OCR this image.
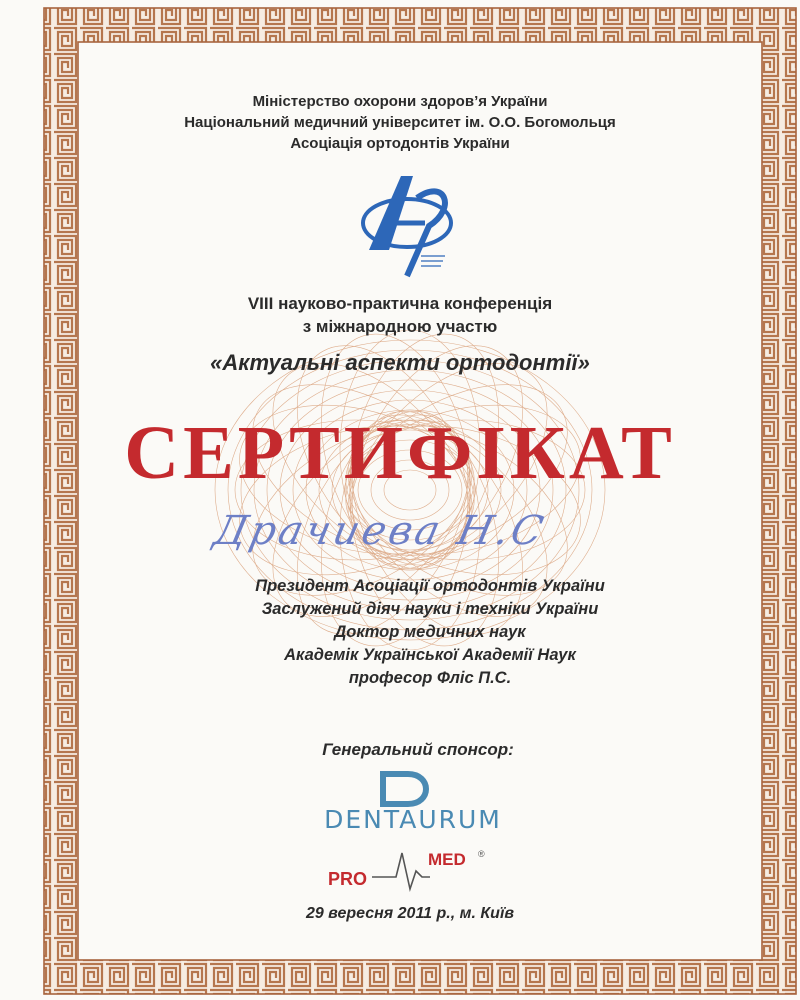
Міністерство охорони здоров’я України
Національний медичний університет ім. О.О. Богомольця
Асоціація ортодонтів України
VIII науково-практична конференція
з міжнародною участю
«Актуальні аспекти ортодонтії»
СЕРТИФІКАТ
Драчиева Н.С
Президент Асоціації ортодонтів України
Заслужений діяч науки і техніки України
Доктор медичних наук
Академік Української Академії Наук
професор Фліс П.С.
Генеральний спонсор:
DENTAURUM
PRO
MED ®
29 вересня 2011 р., м. Київ
